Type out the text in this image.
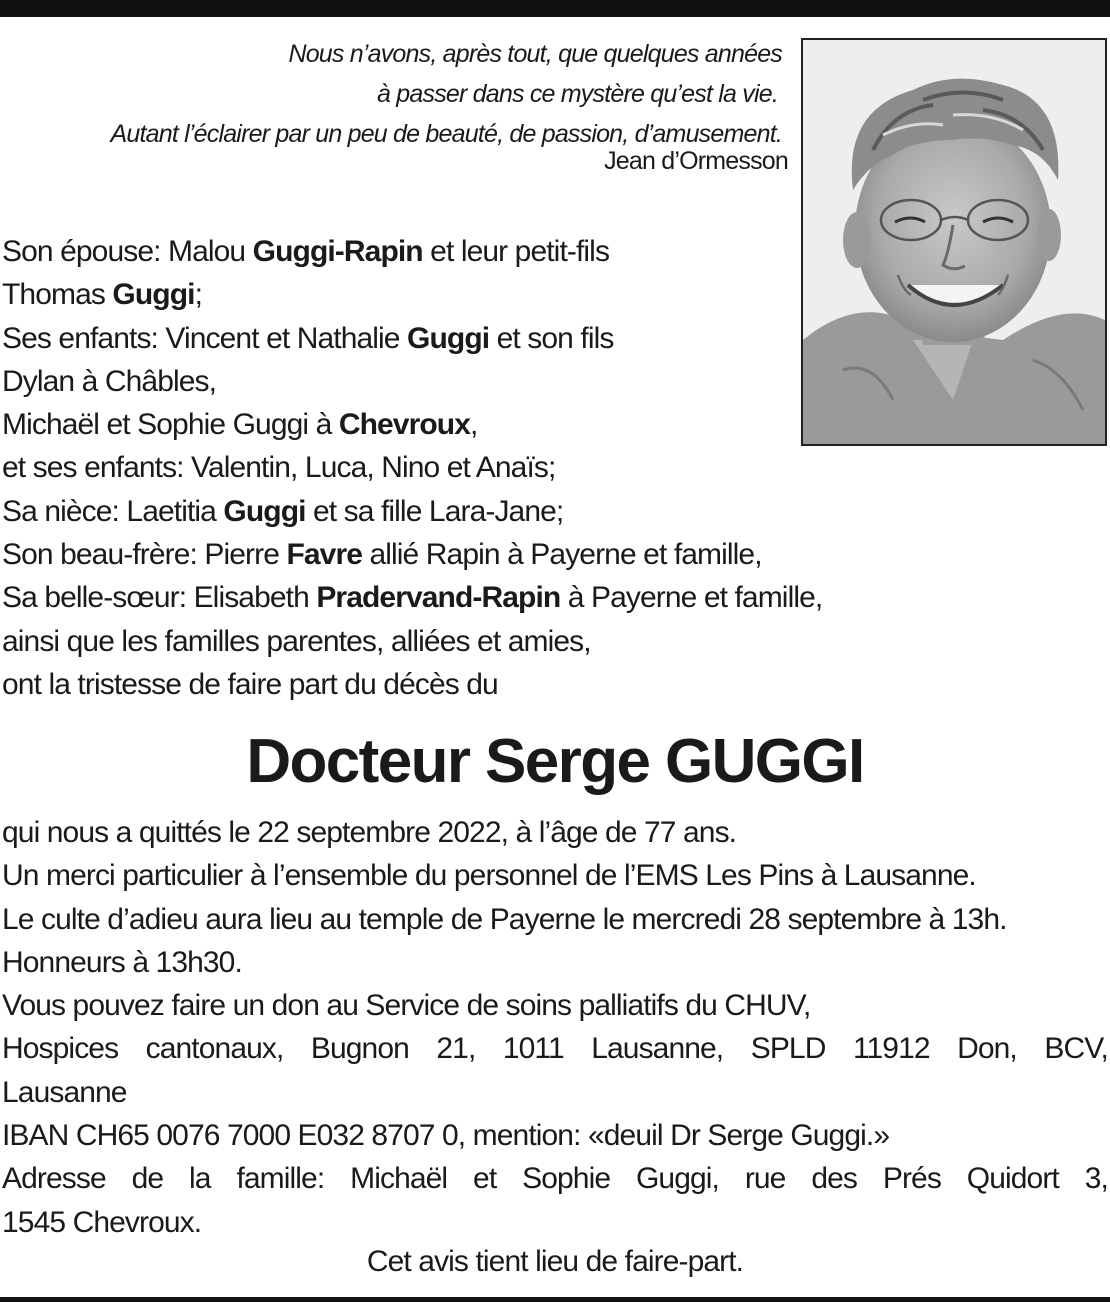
Nous n’avons, après tout, que quelques années
à passer dans ce mystère qu’est la vie.
Autant l’éclairer par un peu de beauté, de passion, d’amusement.
Jean d’Ormesson
Son épouse: Malou Guggi-Rapin et leur petit-fils
Thomas Guggi;
Ses enfants: Vincent et Nathalie Guggi et son fils
Dylan à Châbles,
Michaël et Sophie Guggi à Chevroux,
et ses enfants: Valentin, Luca, Nino et Anaïs;
Sa nièce: Laetitia Guggi et sa fille Lara-Jane;
Son beau-frère: Pierre Favre allié Rapin à Payerne et famille,
Sa belle-sœur: Elisabeth Pradervand-Rapin à Payerne et famille,
ainsi que les familles parentes, alliées et amies,
ont la tristesse de faire part du décès du
Docteur Serge GUGGI
qui nous a quittés le 22 septembre 2022, à l’âge de 77 ans.
Un merci particulier à l’ensemble du personnel de l’EMS Les Pins à Lausanne.
Le culte d’adieu aura lieu au temple de Payerne le mercredi 28 septembre à 13h.
Honneurs à 13h30.
Vous pouvez faire un don au Service de soins palliatifs du CHUV,
Hospices cantonaux, Bugnon 21, 1011 Lausanne, SPLD 11912 Don, BCV,
Lausanne
IBAN CH65 0076 7000 E032 8707 0, mention: «deuil Dr Serge Guggi.»
Adresse de la famille: Michaël et Sophie Guggi, rue des Prés Quidort 3,
1545 Chevroux.
Cet avis tient lieu de faire-part.
